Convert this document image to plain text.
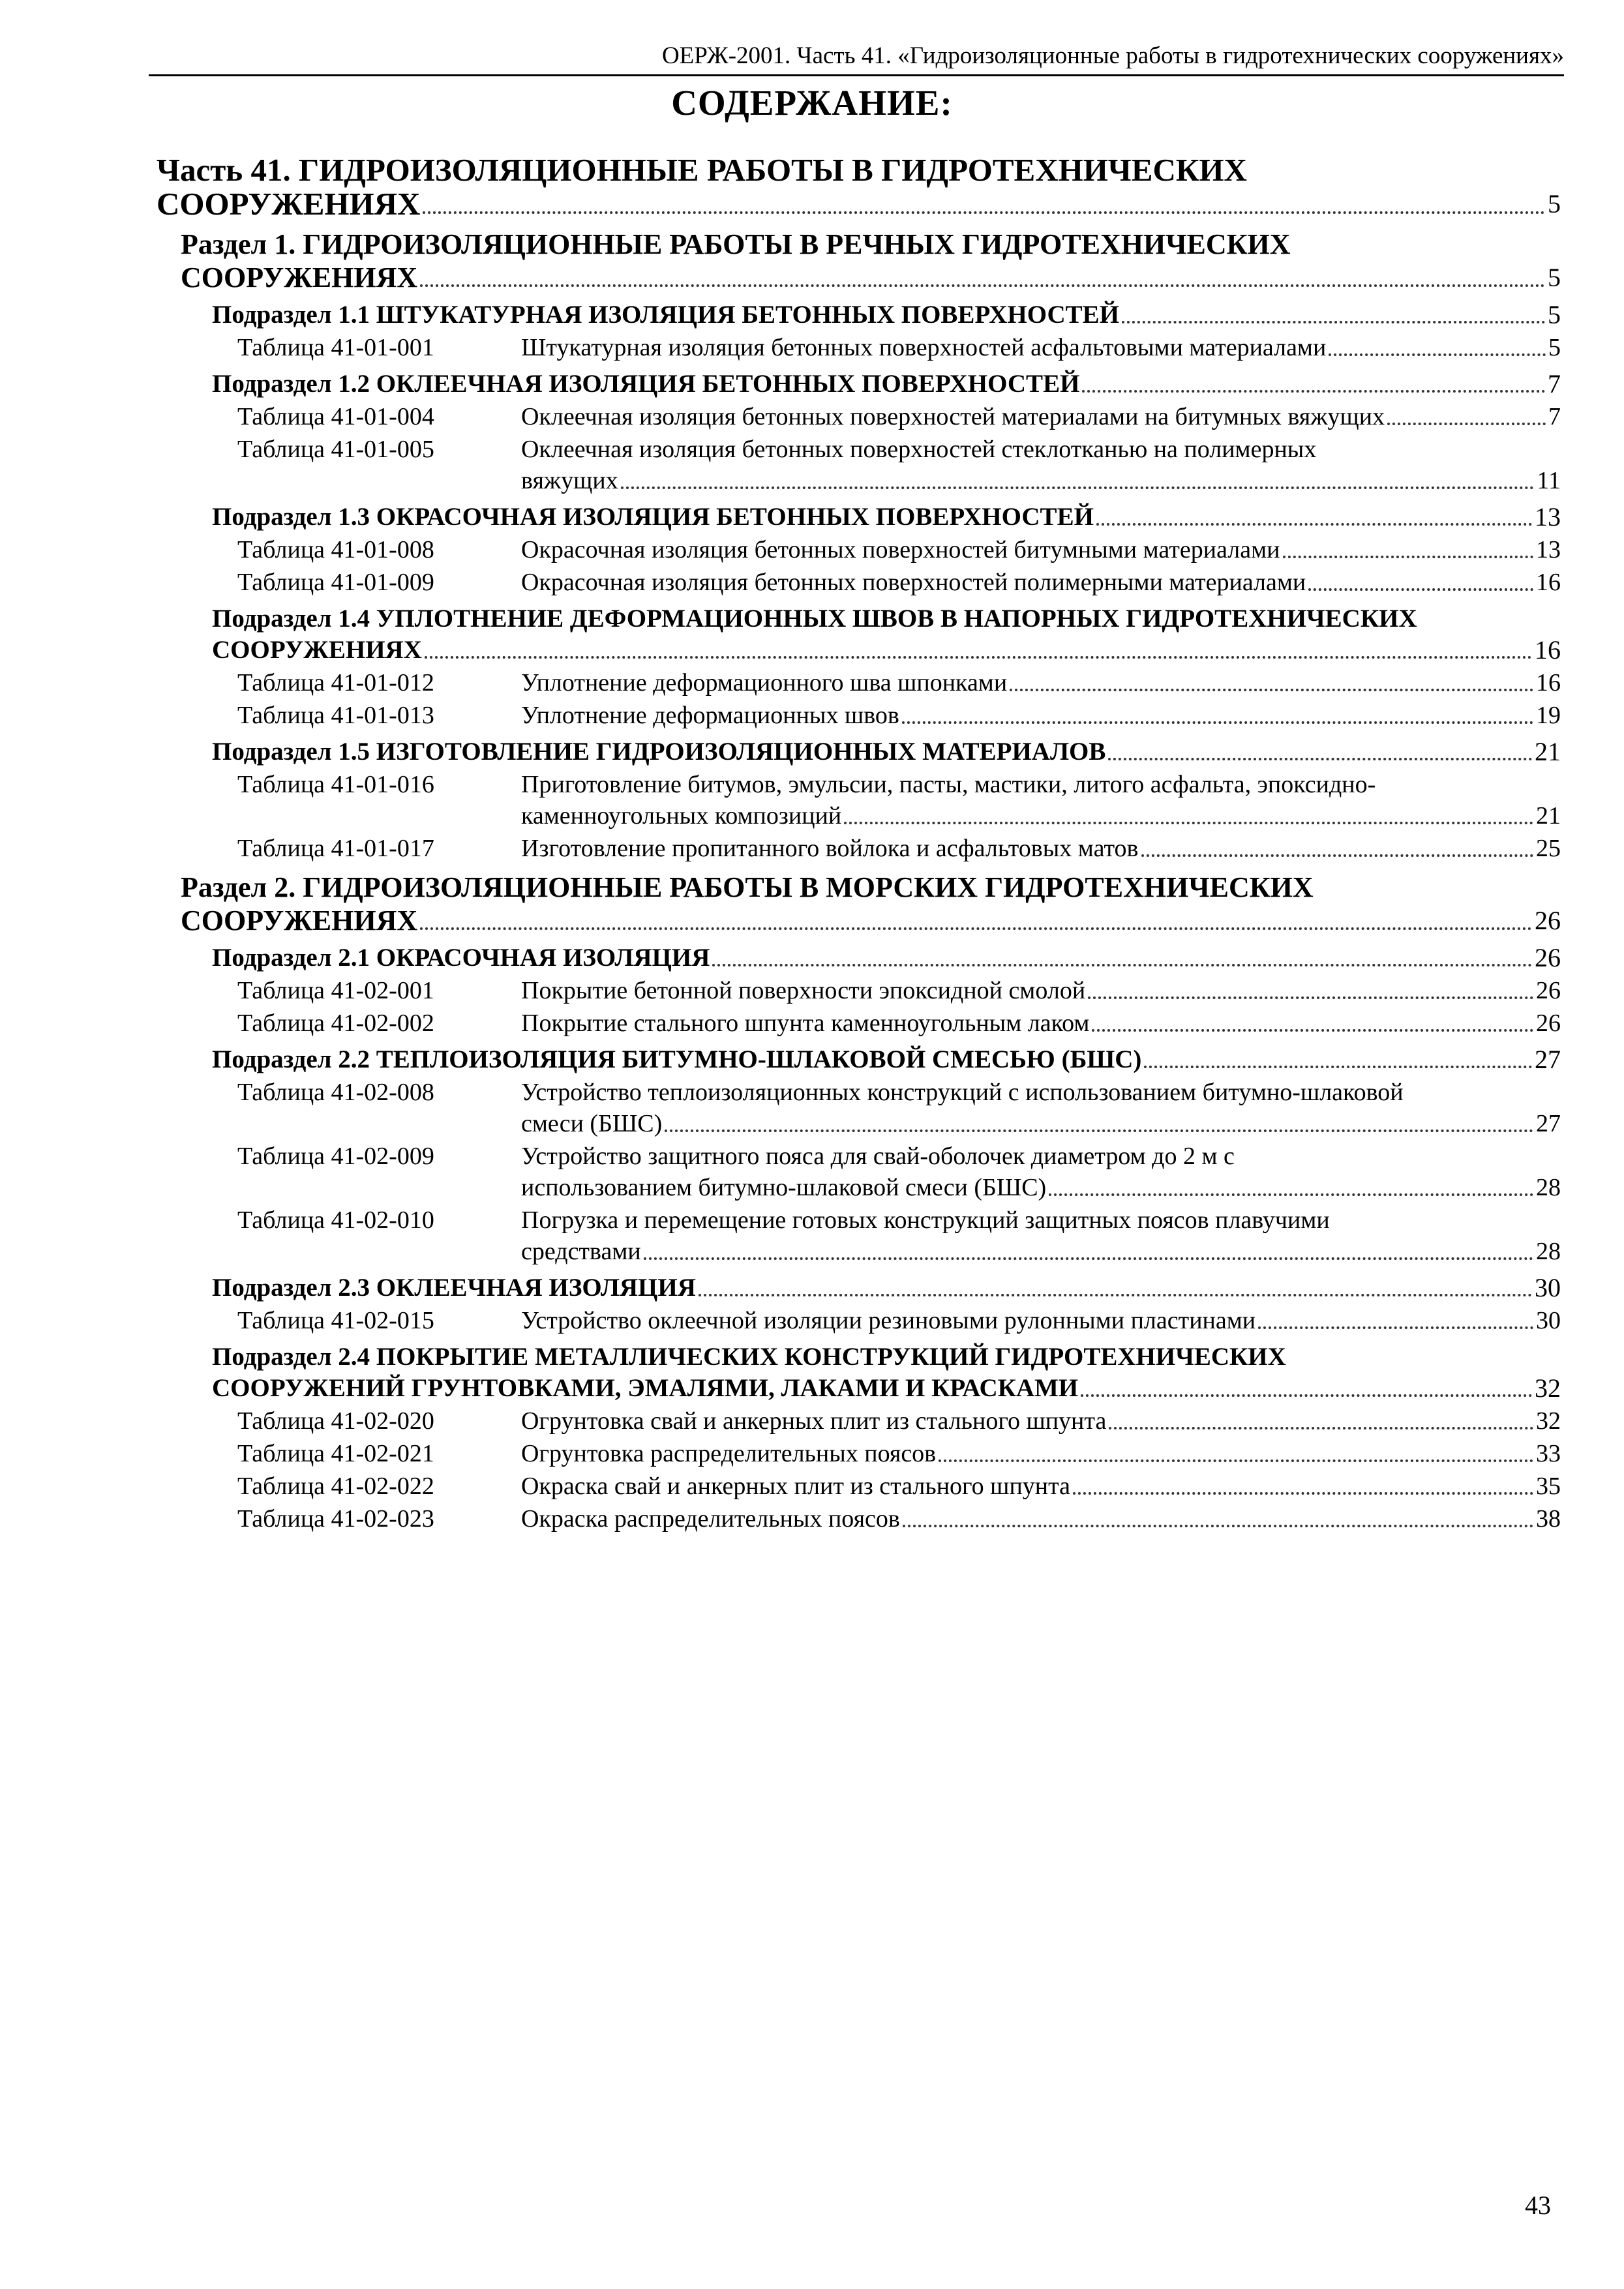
ОЕРЖ-2001. Часть 41. «Гидроизоляционные работы в гидротехнических сооружениях»
СОДЕРЖАНИЕ:
Часть 41. ГИДРОИЗОЛЯЦИОННЫЕ РАБОТЫ В ГИДРОТЕХНИЧЕСКИХ
СООРУЖЕНИЯХ	5
Раздел 1. ГИДРОИЗОЛЯЦИОННЫЕ РАБОТЫ В РЕЧНЫХ ГИДРОТЕХНИЧЕСКИХ
СООРУЖЕНИЯХ	5
Подраздел 1.1 ШТУКАТУРНАЯ ИЗОЛЯЦИЯ БЕТОННЫХ ПОВЕРХНОСТЕЙ	5
Таблица 41-01-001	Штукатурная изоляция бетонных поверхностей асфальтовыми материалами	5
Подраздел 1.2 ОКЛЕЕЧНАЯ ИЗОЛЯЦИЯ БЕТОННЫХ ПОВЕРХНОСТЕЙ	7
Таблица 41-01-004	Оклеечная изоляция бетонных поверхностей материалами на битумных вяжущих	7
Таблица 41-01-005	Оклеечная изоляция бетонных поверхностей стеклотканью на полимерных
вяжущих	11
Подраздел 1.3 ОКРАСОЧНАЯ ИЗОЛЯЦИЯ БЕТОННЫХ ПОВЕРХНОСТЕЙ	13
Таблица 41-01-008	Окрасочная изоляция бетонных поверхностей битумными материалами	13
Таблица 41-01-009	Окрасочная изоляция бетонных поверхностей полимерными материалами	16
Подраздел 1.4 УПЛОТНЕНИЕ ДЕФОРМАЦИОННЫХ ШВОВ В НАПОРНЫХ ГИДРОТЕХНИЧЕСКИХ
СООРУЖЕНИЯХ	16
Таблица 41-01-012	Уплотнение деформационного шва шпонками	16
Таблица 41-01-013	Уплотнение деформационных швов	19
Подраздел 1.5 ИЗГОТОВЛЕНИЕ ГИДРОИЗОЛЯЦИОННЫХ МАТЕРИАЛОВ	21
Таблица 41-01-016	Приготовление битумов, эмульсии, пасты, мастики, литого асфальта, эпоксидно-
каменноугольных композиций	21
Таблица 41-01-017	Изготовление пропитанного войлока и асфальтовых матов	25
Раздел 2. ГИДРОИЗОЛЯЦИОННЫЕ РАБОТЫ В МОРСКИХ ГИДРОТЕХНИЧЕСКИХ
СООРУЖЕНИЯХ	26
Подраздел 2.1 ОКРАСОЧНАЯ ИЗОЛЯЦИЯ	26
Таблица 41-02-001	Покрытие бетонной поверхности эпоксидной смолой	26
Таблица 41-02-002	Покрытие стального шпунта каменноугольным лаком	26
Подраздел 2.2 ТЕПЛОИЗОЛЯЦИЯ БИТУМНО-ШЛАКОВОЙ СМЕСЬЮ (БШС)	27
Таблица 41-02-008	Устройство теплоизоляционных конструкций с использованием битумно-шлаковой
смеси (БШС)	27
Таблица 41-02-009	Устройство защитного пояса для свай-оболочек диаметром до 2 м с
использованием битумно-шлаковой смеси (БШС)	28
Таблица 41-02-010	Погрузка и перемещение готовых конструкций защитных поясов плавучими
средствами	28
Подраздел 2.3 ОКЛЕЕЧНАЯ ИЗОЛЯЦИЯ	30
Таблица 41-02-015	Устройство оклеечной изоляции резиновыми рулонными пластинами	30
Подраздел 2.4 ПОКРЫТИЕ МЕТАЛЛИЧЕСКИХ КОНСТРУКЦИЙ ГИДРОТЕХНИЧЕСКИХ
СООРУЖЕНИЙ ГРУНТОВКАМИ, ЭМАЛЯМИ, ЛАКАМИ И КРАСКАМИ	32
Таблица 41-02-020	Огрунтовка свай и анкерных плит из стального шпунта	32
Таблица 41-02-021	Огрунтовка распределительных поясов	33
Таблица 41-02-022	Окраска свай и анкерных плит из стального шпунта	35
Таблица 41-02-023	Окраска распределительных поясов	38
43
